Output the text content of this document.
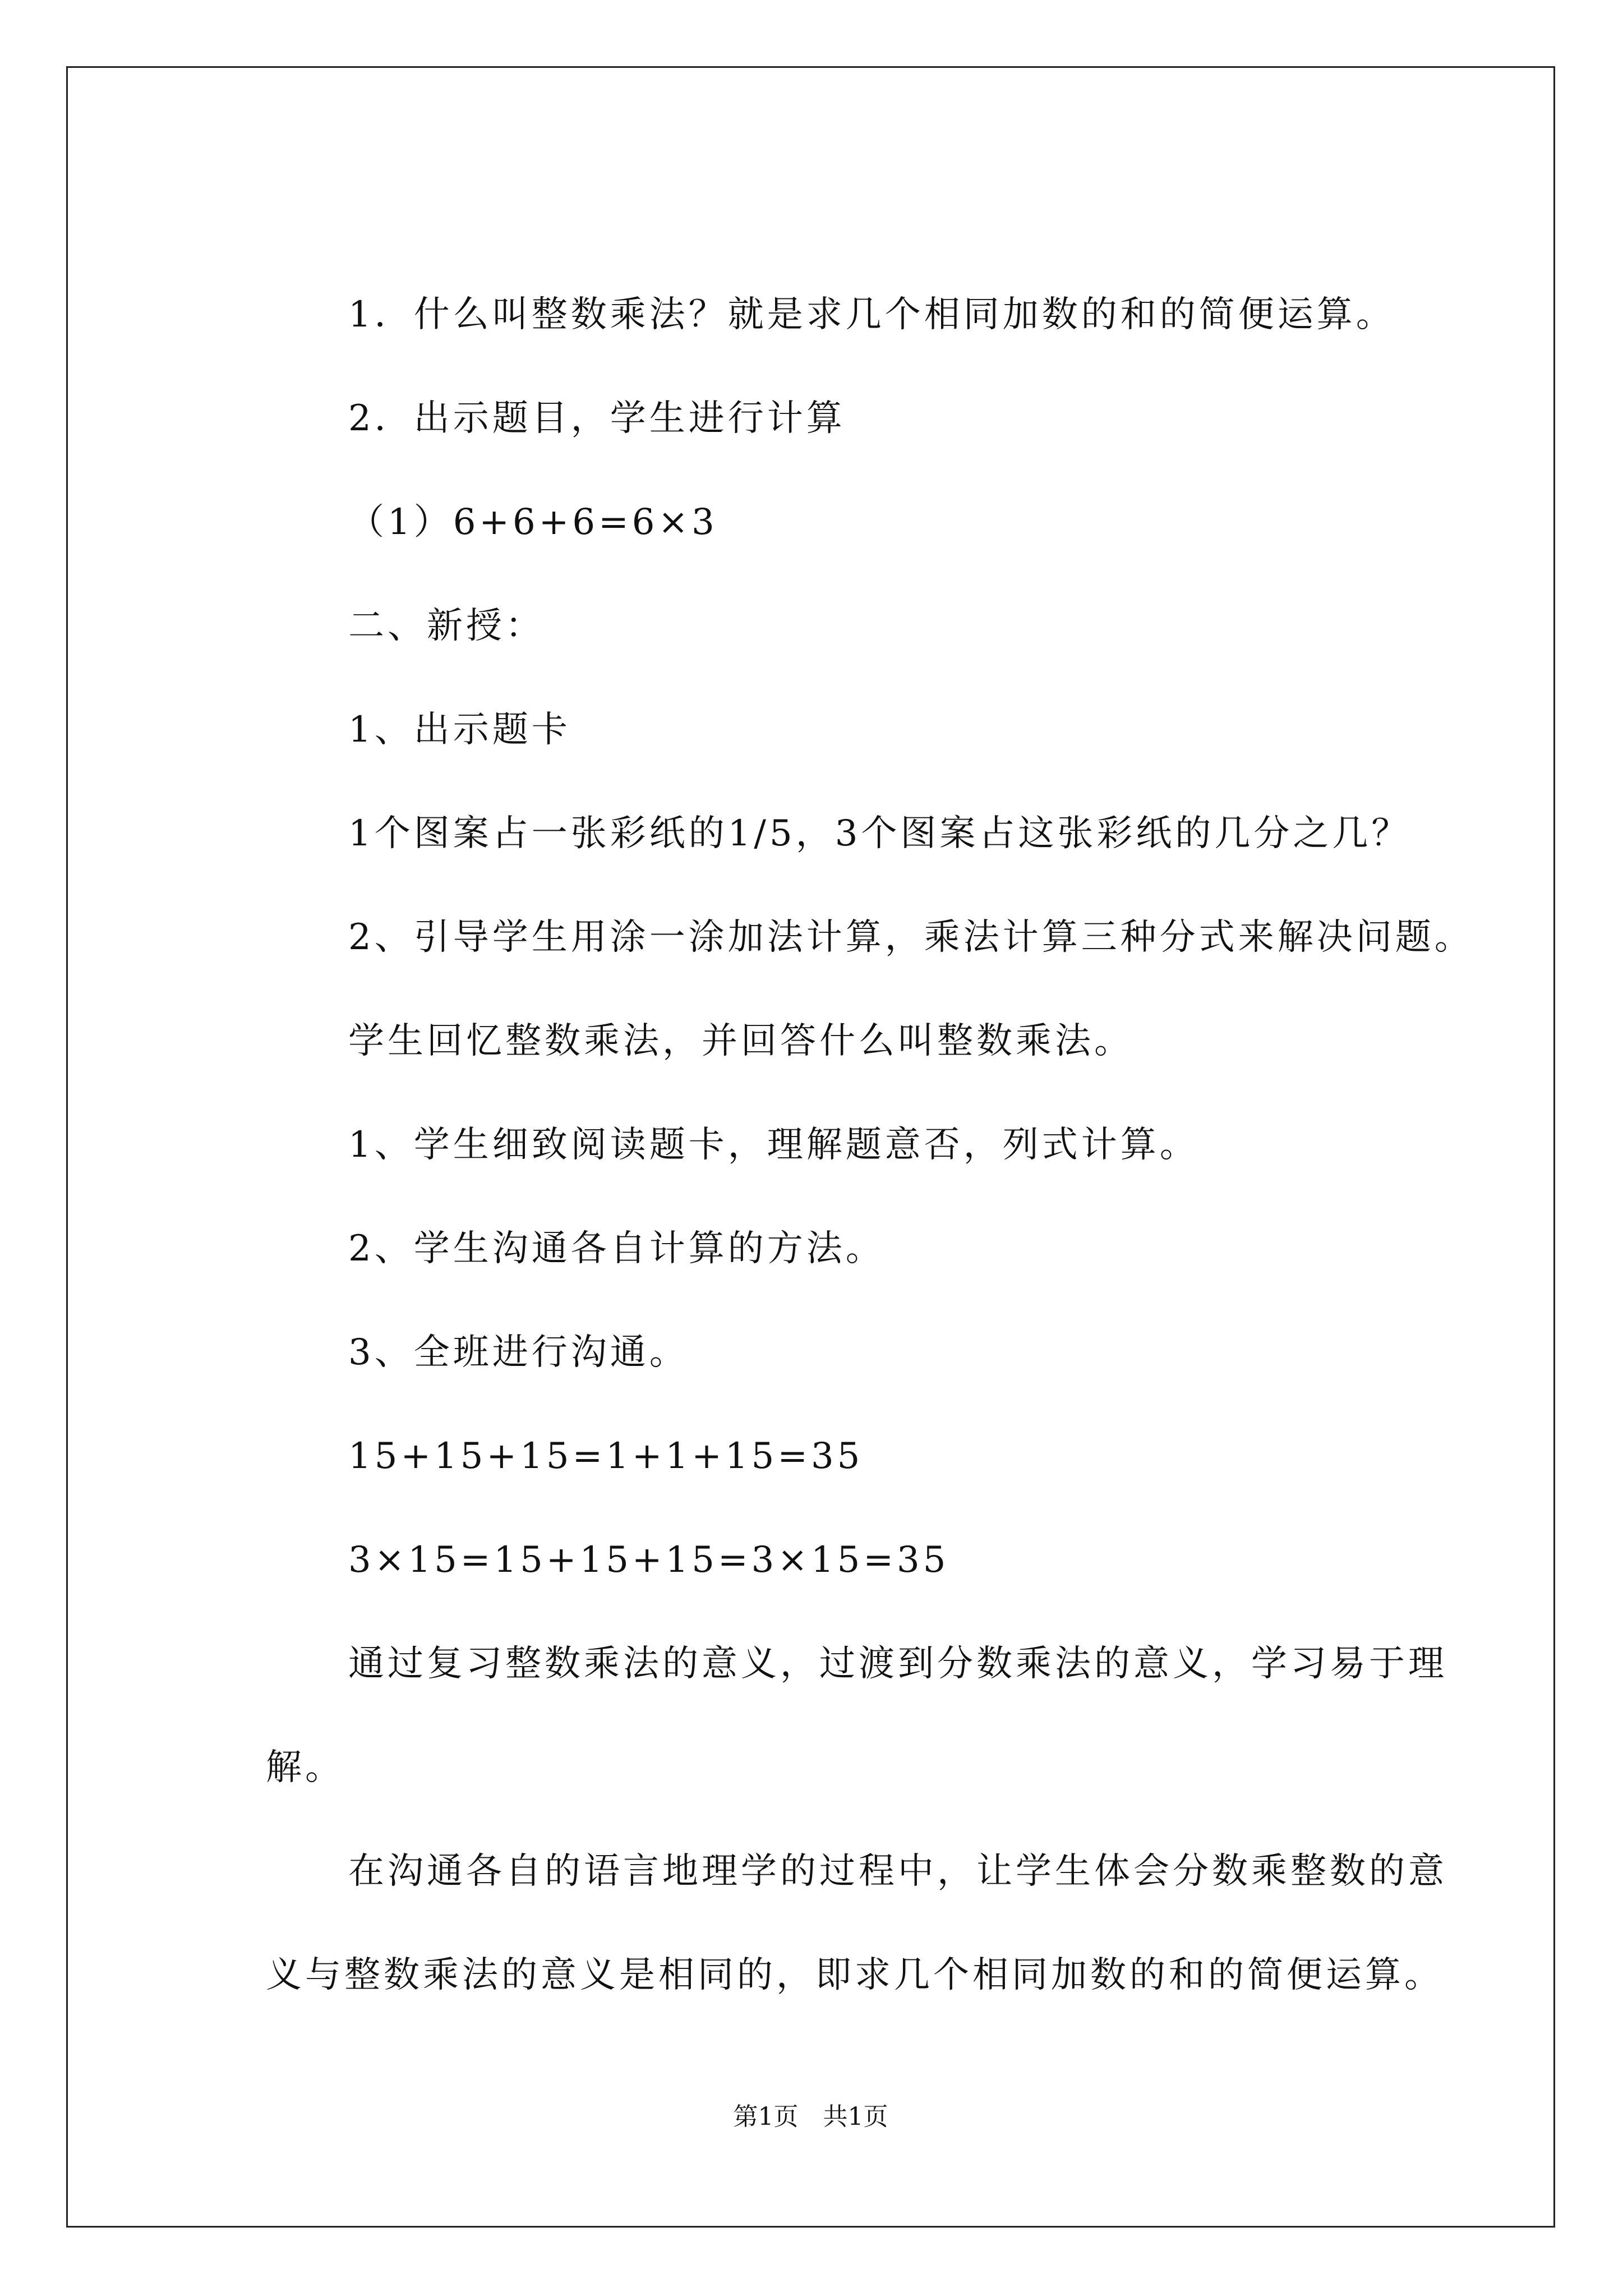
1．什么叫整数乘法？就是求几个相同加数的和的简便运算。
2．出示题目，学生进行计算
（1）6+6+6=6×3
二、新授：
1、出示题卡
1个图案占一张彩纸的1/5，3个图案占这张彩纸的几分之几？
2、引导学生用涂一涂加法计算，乘法计算三种分式来解决问题。
学生回忆整数乘法，并回答什么叫整数乘法。
1、学生细致阅读题卡，理解题意否，列式计算。
2、学生沟通各自计算的方法。
3、全班进行沟通。
15+15+15=1+1+15=35
3×15=15+15+15=3×15=35
通过复习整数乘法的意义，过渡到分数乘法的意义，学习易于理
解。
在沟通各自的语言地理学的过程中，让学生体会分数乘整数的意
义与整数乘法的意义是相同的，即求几个相同加数的和的简便运算。
第1页　共1页
